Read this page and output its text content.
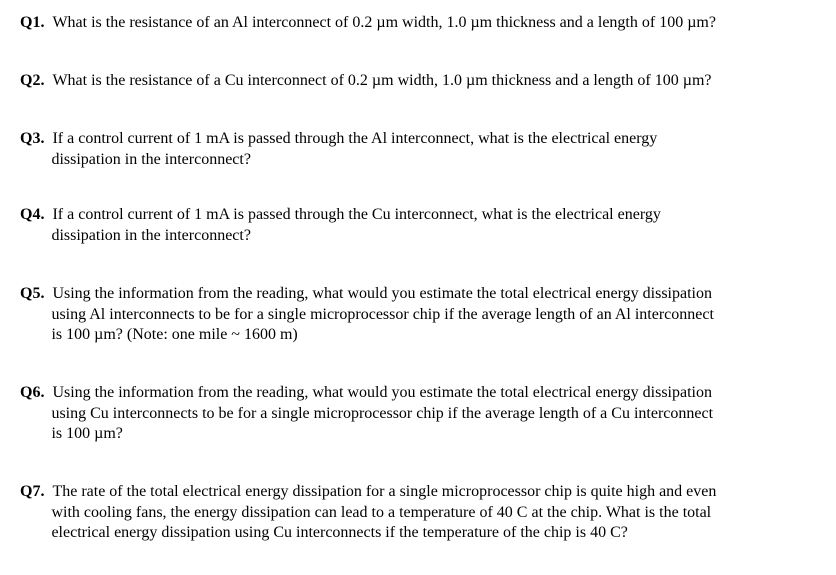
Q1. What is the resistance of an Al interconnect of 0.2 µm width, 1.0 µm thickness and a length of 100 µm?
Q2. What is the resistance of a Cu interconnect of 0.2 µm width, 1.0 µm thickness and a length of 100 µm?
Q3. If a control current of 1 mA is passed through the Al interconnect, what is the electrical energy
dissipation in the interconnect?
Q4. If a control current of 1 mA is passed through the Cu interconnect, what is the electrical energy
dissipation in the interconnect?
Q5. Using the information from the reading, what would you estimate the total electrical energy dissipation
using Al interconnects to be for a single microprocessor chip if the average length of an Al interconnect
is 100 µm? (Note: one mile ~ 1600 m)
Q6. Using the information from the reading, what would you estimate the total electrical energy dissipation
using Cu interconnects to be for a single microprocessor chip if the average length of a Cu interconnect
is 100 µm?
Q7. The rate of the total electrical energy dissipation for a single microprocessor chip is quite high and even
with cooling fans, the energy dissipation can lead to a temperature of 40 C at the chip. What is the total
electrical energy dissipation using Cu interconnects if the temperature of the chip is 40 C?
